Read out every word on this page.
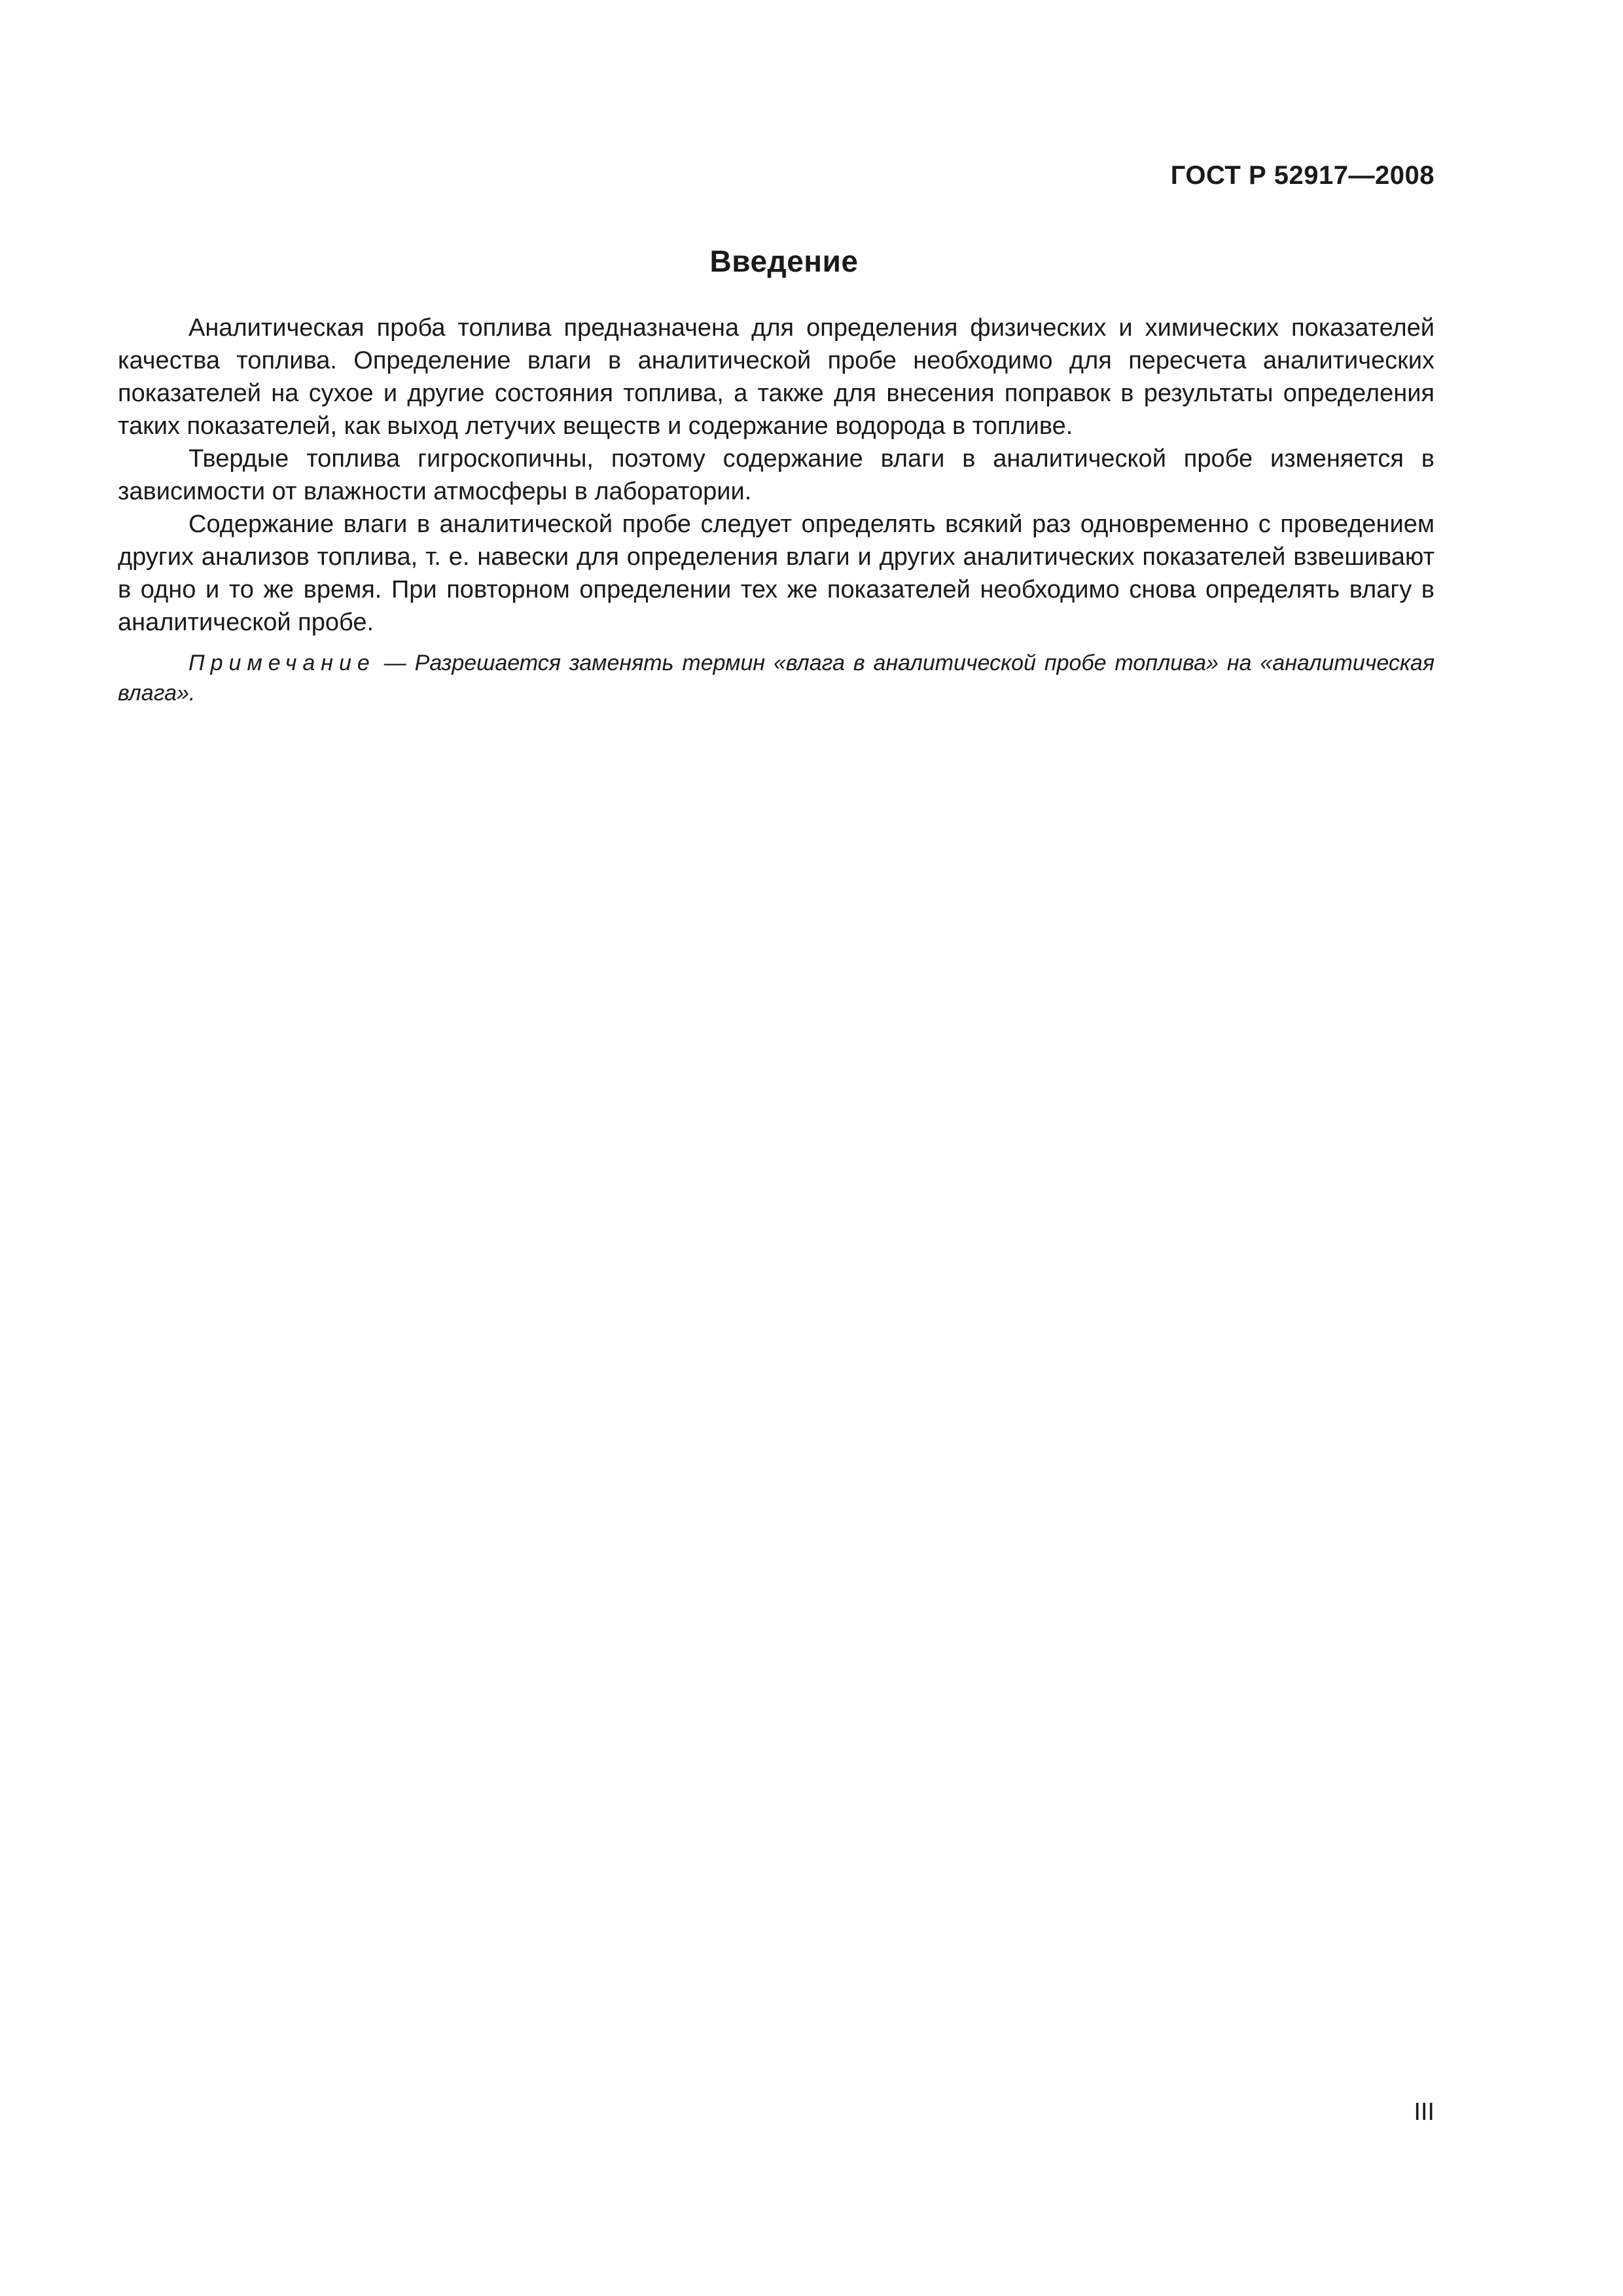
ГОСТ Р 52917—2008
Введение

Аналитическая проба топлива предназначена для определения физических и химических показателей качества топлива. Определение влаги в аналитической пробе необходимо для пересчета аналитических показателей на сухое и другие состояния топлива, а также для внесения поправок в результаты определения таких показателей, как выход летучих веществ и содержание водорода в топливе.

Твердые топлива гигроскопичны, поэтому содержание влаги в аналитической пробе изменяется в зависимости от влажности атмосферы в лаборатории.

Содержание влаги в аналитической пробе следует определять всякий раз одновременно с проведением других анализов топлива, т. е. навески для определения влаги и других аналитических показателей взвешивают в одно и то же время. При повторном определении тех же показателей необходимо снова определять влагу в аналитической пробе.

Примечание — Разрешается заменять термин «влага в аналитической пробе топлива» на «аналитическая влага».

III
